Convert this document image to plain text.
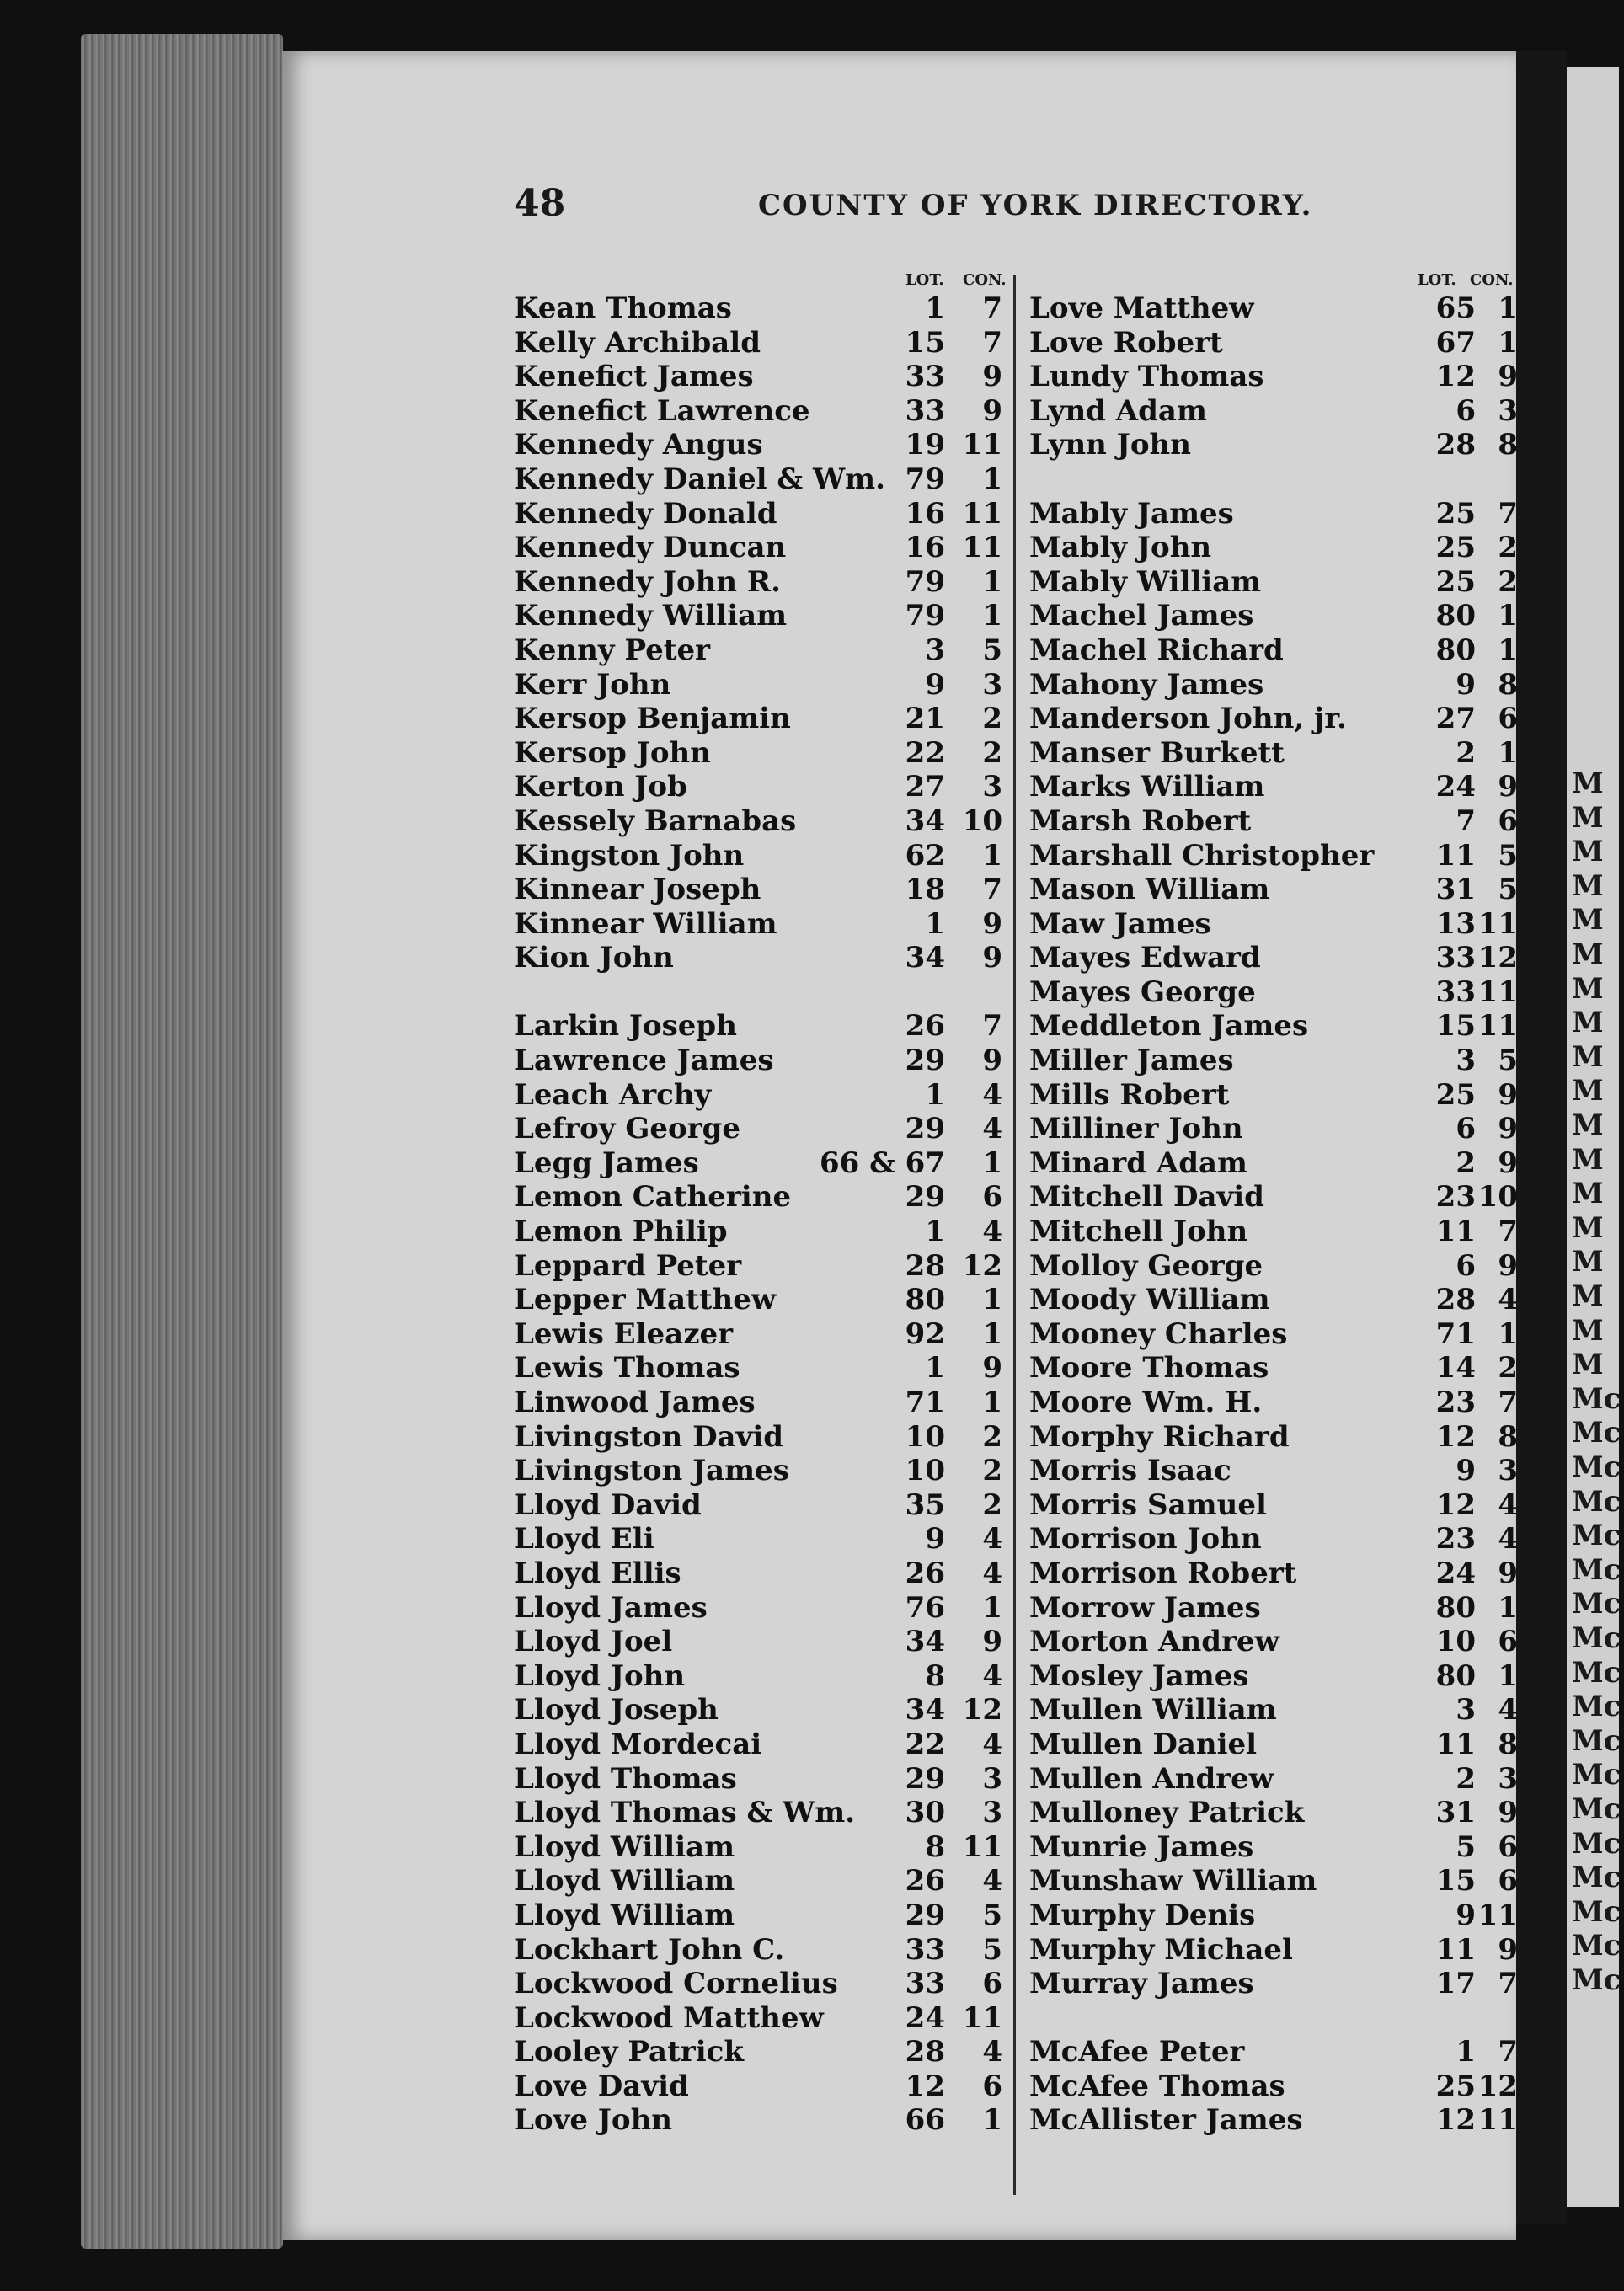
M
M
M
M
M
M
M
M
M
M
M
M
M
M
M
M
M
M
Mc
Mc
Mc
Mc
Mc
Mc
Mc
Mc
Mc
Mc
Mc
Mc
Mc
Mc
Mc
Mc
Mc
Mc
48	COUNTY OF YORK DIRECTORY.
LOT. CON.	LOT. CON.
Kean Thomas	1 7
Kelly Archibald	15 7
Kenefict James	33 9
Kenefict Lawrence	33 9
Kennedy Angus	19 11
Kennedy Daniel & Wm. 79 1
Kennedy Donald	16 11
Kennedy Duncan	16 11
Kennedy John R.	79 1
Kennedy William	79 1
Kenny Peter	3 5
Kerr John	9 3
Kersop Benjamin	21 2
Kersop John	22 2
Kerton Job	27 3
Kessely Barnabas	34 10
Kingston John	62 1
Kinnear Joseph	18 7
Kinnear William	1 9
Kion John	34 9
Larkin Joseph	26 7
Lawrence James	29 9
Leach Archy	1 4
Lefroy George	29 4
Legg James	66 & 67 1
Lemon Catherine	29 6
Lemon Philip	1 4
Leppard Peter	28 12
Lepper Matthew	80 1
Lewis Eleazer	92 1
Lewis Thomas	1 9
Linwood James	71 1
Livingston David	10 2
Livingston James	10 2
Lloyd David	35 2
Lloyd Eli	9 4
Lloyd Ellis	26 4
Lloyd James	76 1
Lloyd Joel	34 9
Lloyd John	8 4
Lloyd Joseph	34 12
Lloyd Mordecai	22 4
Lloyd Thomas	29 3
Lloyd Thomas & Wm. 30 3
Lloyd William	8 11
Lloyd William	26 4
Lloyd William	29 5
Lockhart John C.	33 5
Lockwood Cornelius 33 6
Lockwood Matthew	24 11
Looley Patrick	28 4
Love David	12 6
Love John	66 1
Love Matthew	65 1
Love Robert	67 1
Lundy Thomas	12 9
Lynd Adam	6 3
Lynn John	28 8
Mably James	25 7
Mably John	25 2
Mably William	25 2
Machel James	80 1
Machel Richard	80 1
Mahony James	9 8
Manderson John, jr.	27 6
Manser Burkett	2 1
Marks William	24 9
Marsh Robert	7 6
Marshall Christopher 11 5
Mason William	31 5
Maw James	13 11
Mayes Edward	33 12
Mayes George	33 11
Meddleton James	15 11
Miller James	3 5
Mills Robert	25 9
Milliner John	6 9
Minard Adam	2 9
Mitchell David	23 10
Mitchell John	11 7
Molloy George	6 9
Moody William	28 4
Mooney Charles	71 1
Moore Thomas	14 2
Moore Wm. H.	23 7
Morphy Richard	12 8
Morris Isaac	9 3
Morris Samuel	12 4
Morrison John	23 4
Morrison Robert	24 9
Morrow James	80 1
Morton Andrew	10 6
Mosley James	80 1
Mullen William	3 4
Mullen Daniel	11 8
Mullen Andrew	2 3
Mulloney Patrick	31 9
Munrie James	5 6
Munshaw William	15 6
Murphy Denis	9 11
Murphy Michael	11 9
Murray James	17 7
McAfee Peter	1 7
McAfee Thomas	25 12
McAllister James	12 11
